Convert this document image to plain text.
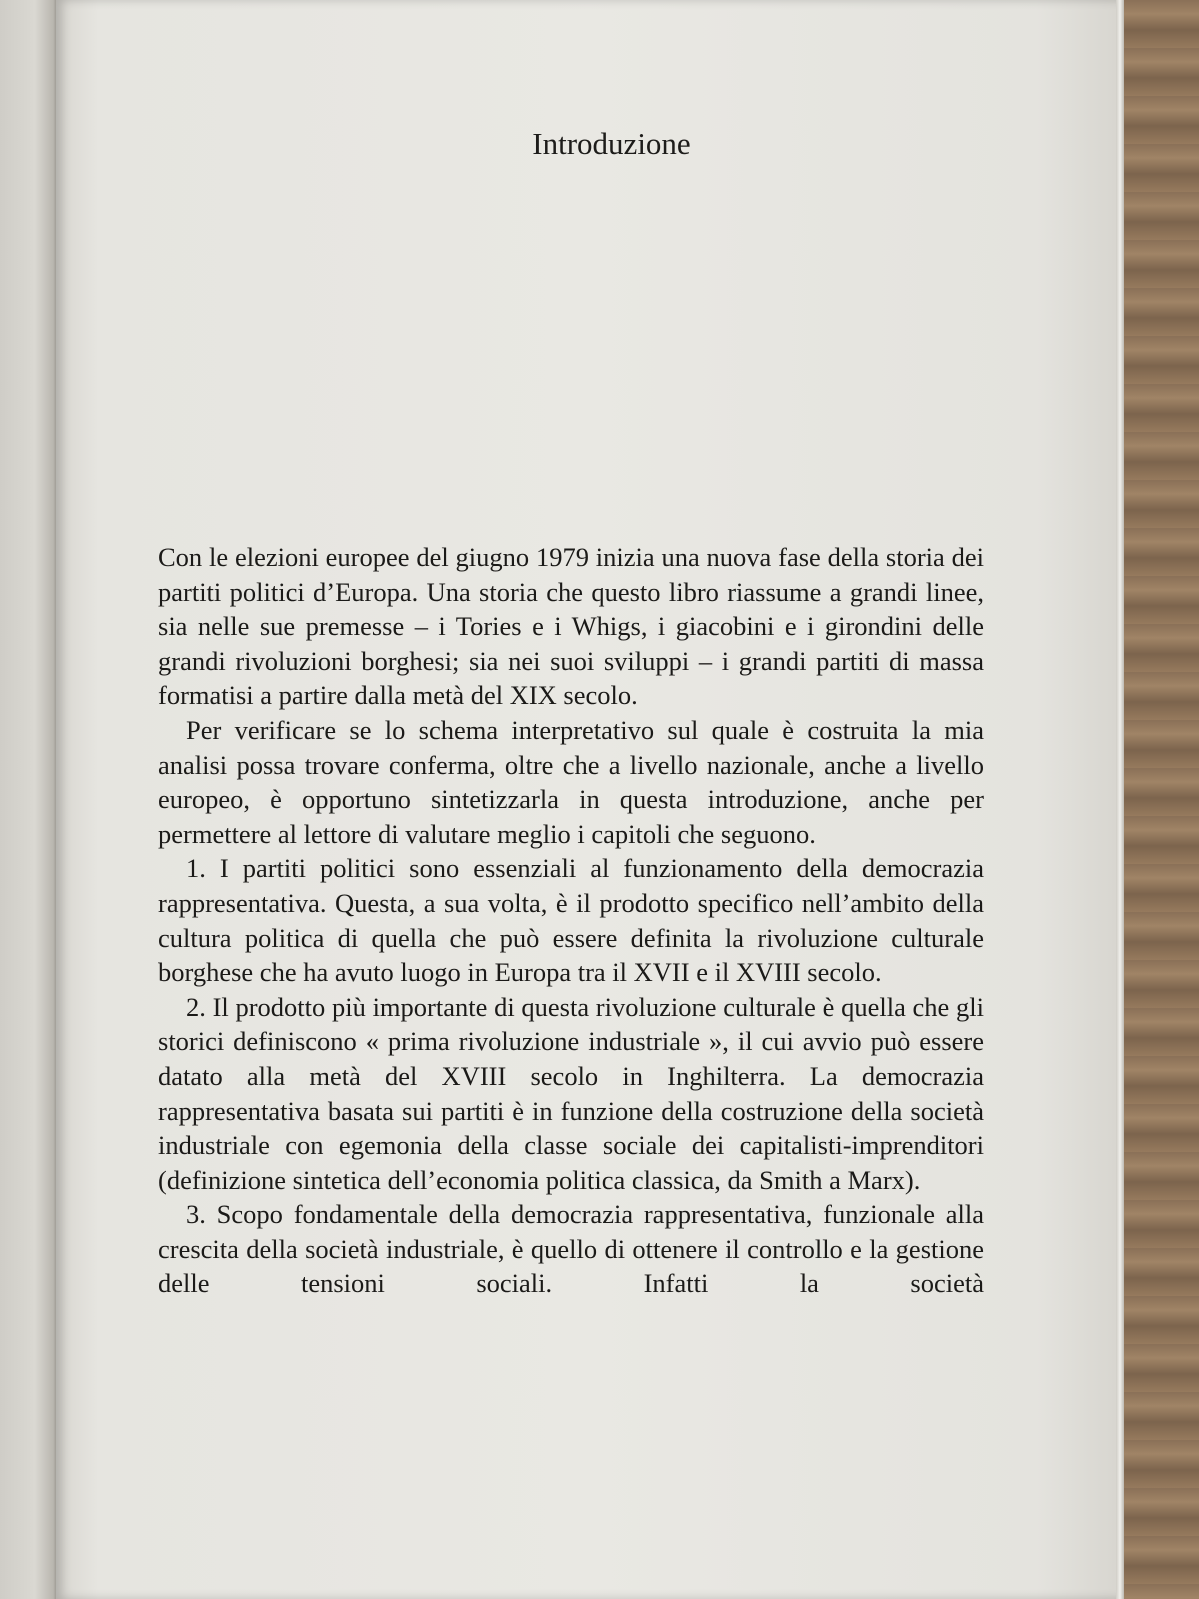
Introduzione

Con le elezioni europee del giugno 1979 inizia una nuova fase della storia dei partiti politici d’Europa. Una storia che questo libro riassume a grandi linee, sia nelle sue premesse – i Tories e i Whigs, i giacobini e i girondini delle grandi rivoluzioni borghesi; sia nei suoi sviluppi – i grandi partiti di massa formatisi a partire dalla metà del XIX secolo.

Per verificare se lo schema interpretativo sul quale è costruita la mia analisi possa trovare conferma, oltre che a livello nazionale, anche a livello europeo, è opportuno sintetizzarla in questa introduzione, anche per permettere al lettore di valutare meglio i capitoli che seguono.

1. I partiti politici sono essenziali al funzionamento della democrazia rappresentativa. Questa, a sua volta, è il prodotto specifico nell’ambito della cultura politica di quella che può essere definita la rivoluzione culturale borghese che ha avuto luogo in Europa tra il XVII e il XVIII secolo.

2. Il prodotto più importante di questa rivoluzione culturale è quella che gli storici definiscono « prima rivoluzione industriale », il cui avvio può essere datato alla metà del XVIII secolo in Inghilterra. La democrazia rappresentativa basata sui partiti è in funzione della costruzione della società industriale con egemonia della classe sociale dei capitalisti-imprenditori (definizione sintetica dell’economia politica classica, da Smith a Marx).

3. Scopo fondamentale della democrazia rappresentativa, funzionale alla crescita della società industriale, è quello di ottenere il controllo e la gestione delle tensioni sociali. Infatti la società
